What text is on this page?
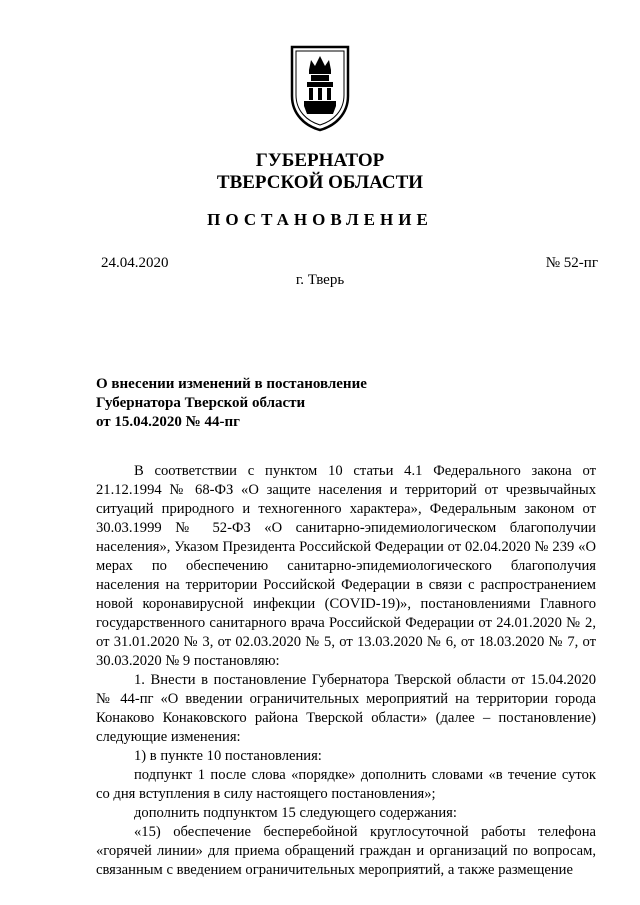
ГУБЕРНАТОР
ТВЕРСКОЙ ОБЛАСТИ
ПОСТАНОВЛЕНИЕ
24.04.2020	№ 52-пг
г. Тверь
О внесении изменений в постановление
Губернатора Тверской области
от 15.04.2020 № 44-пг

В соответствии с пунктом 10 статьи 4.1 Федерального закона от 21.12.1994 № 68-ФЗ «О защите населения и территорий от чрезвычайных ситуаций природного и техногенного характера», Федеральным законом от 30.03.1999 № 52-ФЗ «О санитарно-эпидемиологическом благополучии населения», Указом Президента Российской Федерации от 02.04.2020 № 239 «О мерах по обеспечению санитарно-эпидемиологического благополучия населения на территории Российской Федерации в связи с распространением новой коронавирусной инфекции (COVID-19)», постановлениями Главного государственного санитарного врача Российской Федерации от 24.01.2020 № 2, от 31.01.2020 № 3, от 02.03.2020 № 5, от 13.03.2020 № 6, от 18.03.2020 № 7, от 30.03.2020 № 9 постановляю:

1. Внести в постановление Губернатора Тверской области от 15.04.2020 № 44-пг «О введении ограничительных мероприятий на территории города Конаково Конаковского района Тверской области» (далее – постановление) следующие изменения:

1) в пункте 10 постановления:

подпункт 1 после слова «порядке» дополнить словами «в течение суток со дня вступления в силу настоящего постановления»;

дополнить подпунктом 15 следующего содержания:

«15) обеспечение бесперебойной круглосуточной работы телефона «горячей линии» для приема обращений граждан и организаций по вопросам, связанным с введением ограничительных мероприятий, а также размещение
